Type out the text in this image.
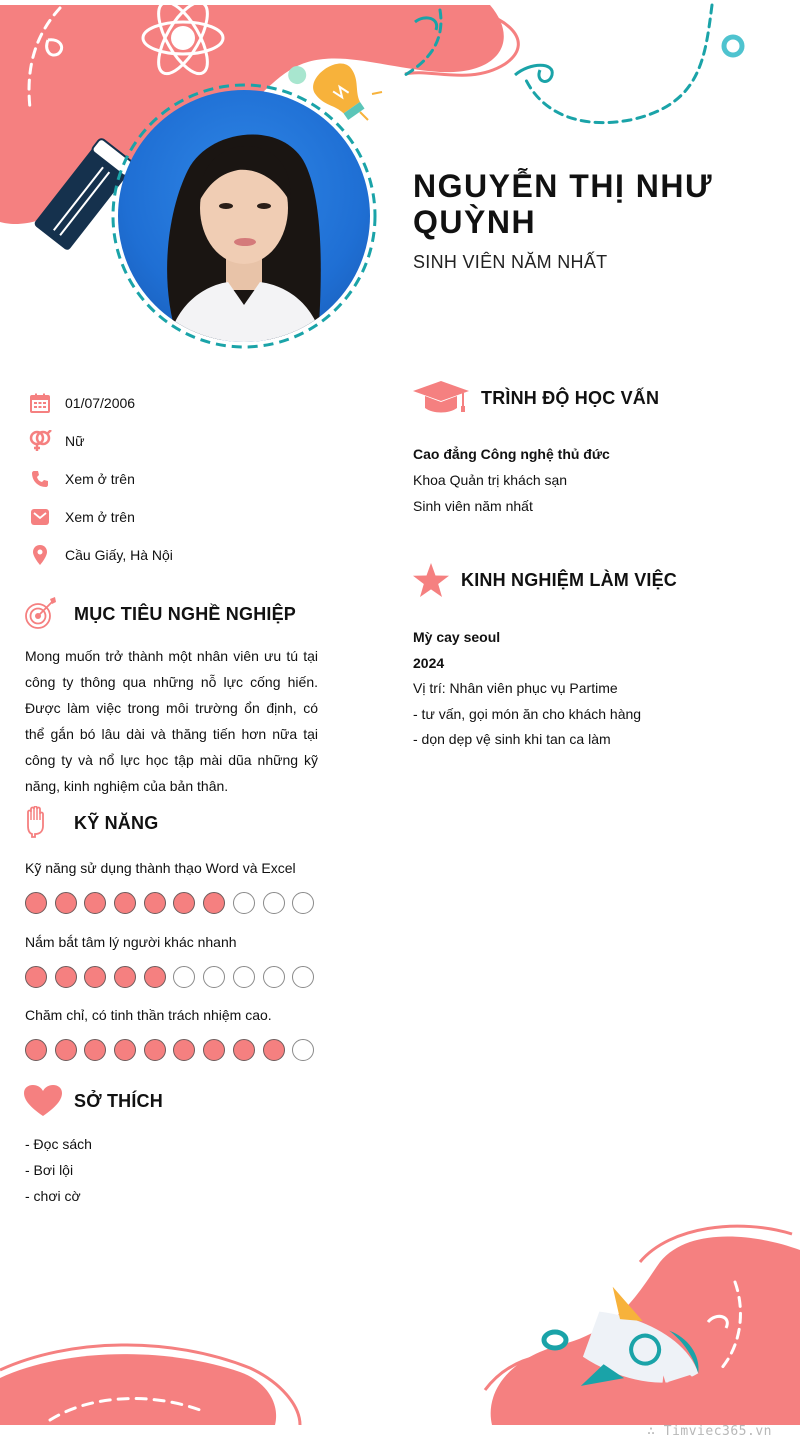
NGUYỄN THỊ NHƯ
QUỲNH
SINH VIÊN NĂM NHẤT
01/07/2006
Nữ
Xem ở trên
Xem ở trên
Cầu Giấy, Hà Nội
MỤC TIÊU NGHỀ NGHIỆP
Mong muốn trở thành một nhân viên ưu tú tại công ty thông qua những nỗ lực cống hiến. Được làm việc trong môi trường ổn định, có thể gắn bó lâu dài và thăng tiến hơn nữa tại công ty và nổ lực học tập mài dũa những kỹ năng, kinh nghiệm của bản thân.
KỸ NĂNG
Kỹ năng sử dụng thành thạo Word và Excel
Nắm bắt tâm lý người khác nhanh
Chăm chỉ, có tinh thần trách nhiệm cao.
SỞ THÍCH
- Đọc sách
- Bơi lội
- chơi cờ
TRÌNH ĐỘ HỌC VẤN
Cao đẳng Công nghệ thủ đức
Khoa Quản trị khách sạn
Sinh viên năm nhất
KINH NGHIỆM LÀM VIỆC
Mỳ cay seoul
2024
Vị trí: Nhân viên phục vụ Partime
- tư vấn, gọi món ăn cho khách hàng
- dọn dẹp vệ sinh khi tan ca làm
∴ Timviec365.vn
